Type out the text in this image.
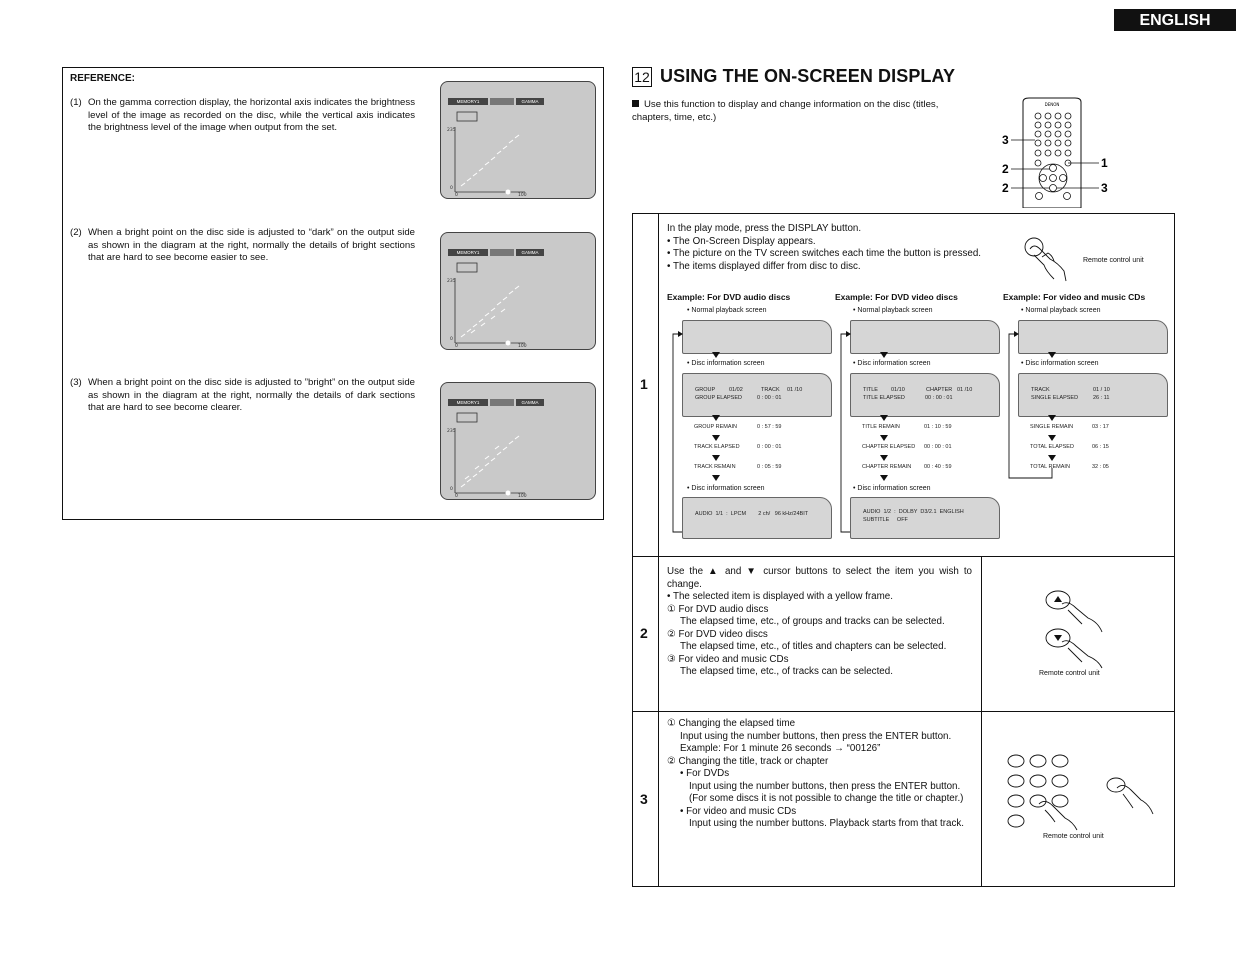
ENGLISH
REFERENCE:
(1) On the gamma correction display, the horizontal axis indicates the brightness level of the image as recorded on the disc, while the vertical axis indicates the brightness level of the image when output from the set.
(2) When a bright point on the disc side is adjusted to “dark” on the output side as shown in the diagram at the right, normally the details of bright sections that are hard to see become easier to see.
(3) When a bright point on the disc side is adjusted to ”bright” on the output side as shown in the diagram at the right, normally the details of dark sections that are hard to see become clearer.
MEMORY1	GAMMA
235
0
0	100
MEMORY1	GAMMA
235
0
0	100
MEMORY1	GAMMA
235
0
0	100
12 USING THE ON-SCREEN DISPLAY
Use this function to display and change information on the disc (titles, chapters, time, etc.)
DENON
3
2
2
1
3
1
In the play mode, press the DISPLAY button.
• The On-Screen Display appears.
• The picture on the TV screen switches each time the button is pressed.
• The items displayed differ from disc to disc.	Remote control unit
Example: For DVD audio discs
• Normal playback screen
• Disc information screen
GROUP	01/02	TRACK 01 /10
GROUP ELAPSED	0 : 00 : 01
GROUP REMAIN	0 : 57 : 59
TRACK ELAPSED	0 : 00 : 01
TRACK REMAIN	0 : 05 : 59
• Disc information screen
AUDIO  1/1  :  LPCM        2 ch/   96 kHz/24BIT
Example: For DVD video discs
• Normal playback screen
• Disc information screen
TITLE 01/10	CHAPTER 01 /10
TITLE ELAPSED	00 : 00 : 01
TITLE REMAIN	01 : 10 : 59
CHAPTER ELAPSED 00 : 00 : 01
CHAPTER REMAIN 00 : 40 : 59
• Disc information screen
AUDIO  1/2  :  DOLBY  D3/2.1  ENGLISH
SUBTITLE     OFF
Example: For video and music CDs
• Normal playback screen
• Disc information screen
TRACK	01 / 10
SINGLE ELAPSED	26 : 11
SINGLE REMAIN	03 : 17
TOTAL ELAPSED	06 : 15
TOTAL REMAIN	32 : 05
2
Use the ▲ and ▼ cursor buttons to select the item you wish to change.
• The selected item is displayed with a yellow frame.
① For DVD audio discs
The elapsed time, etc., of groups and tracks can be selected.
② For DVD video discs
The elapsed time, etc., of titles and chapters can be selected.
③ For video and music CDs
The elapsed time, etc., of tracks can be selected.	Remote control unit
3
① Changing the elapsed time
Input using the number buttons, then press the ENTER button.
Example: For 1 minute 26 seconds → “00126”
② Changing the title, track or chapter
• For DVDs
Input using the number buttons, then press the ENTER button.
(For some discs it is not possible to change the title or chapter.)
• For video and music CDs
Input using the number buttons. Playback starts from that track.
Remote control unit
